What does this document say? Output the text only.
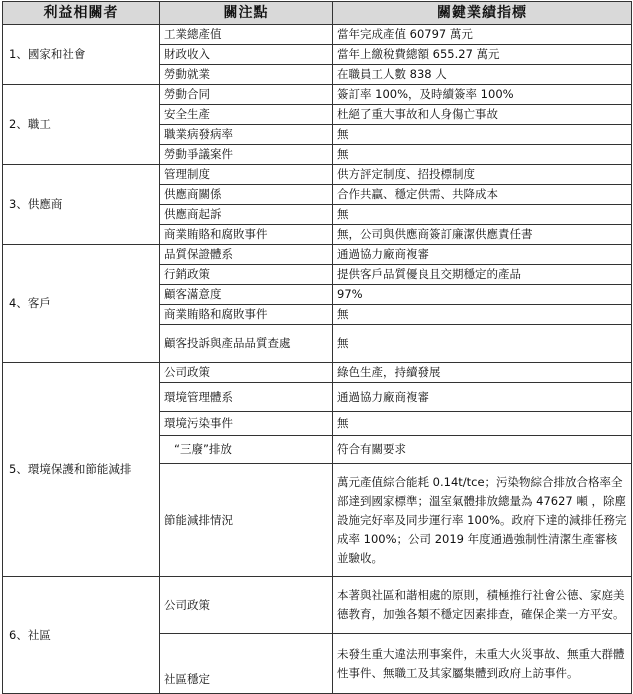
利益相關者	關注點	關鍵業績指標
1、國家和社會	工業總產值	當年完成產值 60797 萬元
	財政收入	當年上繳稅費總額 655.27 萬元
	勞動就業	在職員工人數 838 人
2、職工	勞動合同	簽訂率 100%，及時續簽率 100%
	安全生產	杜絕了重大事故和人身傷亡事故
	職業病發病率	無
	勞動爭議案件	無
3、供應商	管理制度	供方評定制度、招投標制度
	供應商關係	合作共贏、穩定供需、共降成本
	供應商起訴	無
	商業賄賂和腐敗事件	無，公司與供應商簽訂廉潔供應責任書
4、客戶	品質保證體系	通過協力廠商複審
	行銷政策	提供客戶品質優良且交期穩定的產品
	顧客滿意度	97%
	商業賄賂和腐敗事件	無
	顧客投訴與產品品質查處	無
5、環境保護和節能減排	公司政策	綠色生產，持續發展
	環境管理體系	通過協力廠商複審
	環境污染事件	無
	“三廢”排放	符合有關要求
	節能減排情況	萬元產值綜合能耗 0.14t/tce；污染物綜合排放合格率全部達到國家標準；溫室氣體排放總量為 47627 噸 ，除塵設施完好率及同步運行率 100%。政府下達的減排任務完成率 100%；公司 2019 年度通過強制性清潔生產審核並驗收。
6、社區	公司政策	本著與社區和諧相處的原則，積極推行社會公德、家庭美德教育，加強各類不穩定因素排查，確保企業一方平安。
	社區穩定	未發生重大違法刑事案件，未重大火災事故、無重大群體性事件、無職工及其家屬集體到政府上訪事件。
